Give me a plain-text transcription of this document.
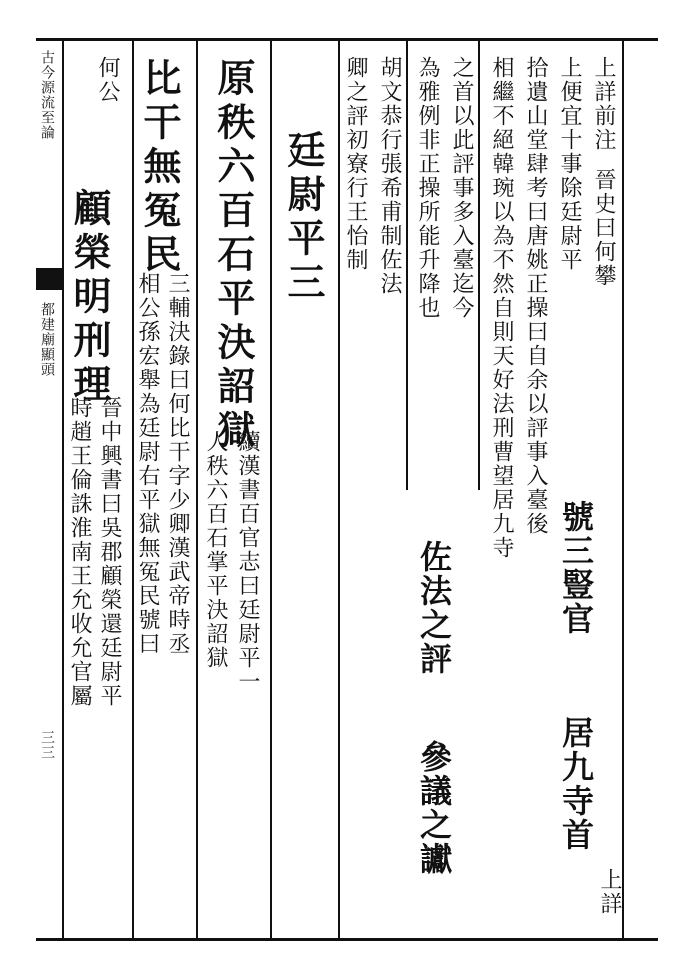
古今源流至論
都建廟顯頭
三三
上詳前注
晉史曰何攀
上便宜十事除廷尉平
號三豎官
居九寺首
上詳
拾遺山堂肆考曰唐姚正操曰自余以評事入臺後
相繼不絕韓琬以為不然自則天好法刑曹望居九寺
之首以此評事多入臺迄今
佐法之評
參議之讞
為雅例非正操所能升降也
胡文恭行張希甫制佐法
卿之評初寮行王怡制
廷尉平三
原秩六百石平決詔獄
續漢書百官志曰廷尉平一
人秩六百石掌平決詔獄
比干無冤民
三輔決錄曰何比干字少卿漢武帝時丞
相公孫宏舉為廷尉右平獄無冤民號曰
何公
顧榮明刑理
晉中興書曰吳郡顧榮還廷尉平
時趙王倫誅淮南王允收允官屬
